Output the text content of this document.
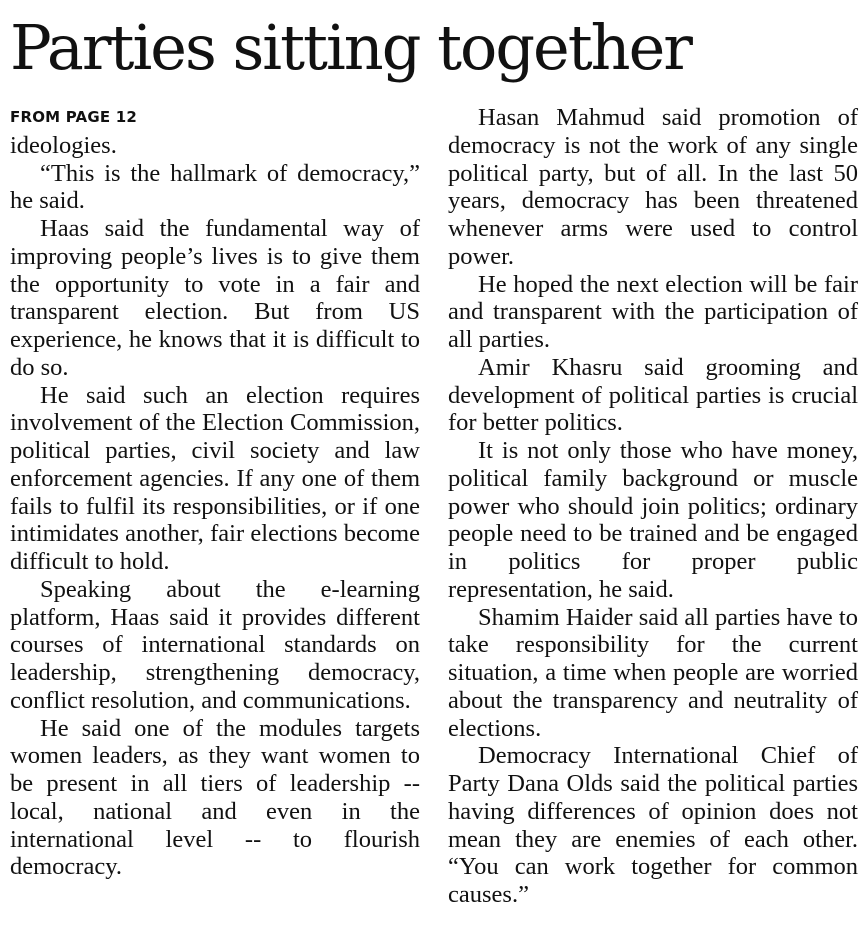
Parties sitting together
FROM PAGE 12

ideologies.

“This is the hallmark of democracy,” he said.

Haas said the fundamental way of improving people’s lives is to give them the opportunity to vote in a fair and transparent election. But from US experience, he knows that it is difficult to do so.

He said such an election requires involvement of the Election Commission, political parties, civil society and law enforcement agencies. If any one of them fails to fulfil its responsibilities, or if one intimidates another, fair elections become difficult to hold.

Speaking about the e-learning platform, Haas said it provides different courses of international standards on leadership, strengthening democracy, conflict resolution, and communications.

He said one of the modules targets women leaders, as they want women to be present in all tiers of leadership -- local, national and even in the international level -- to flourish democracy.

Hasan Mahmud said promotion of democracy is not the work of any single political party, but of all. In the last 50 years, democracy has been threatened whenever arms were used to control power.

He hoped the next election will be fair and transparent with the participation of all parties.

Amir Khasru said grooming and development of political parties is crucial for better politics.

It is not only those who have money, political family background or muscle power who should join politics; ordinary people need to be trained and be engaged in politics for proper public representation, he said.

Shamim Haider said all parties have to take responsibility for the current situation, a time when people are worried about the transparency and neutrality of elections.

Democracy International Chief of Party Dana Olds said the political parties having differences of opinion does not mean they are enemies of each other. “You can work together for common causes.”
